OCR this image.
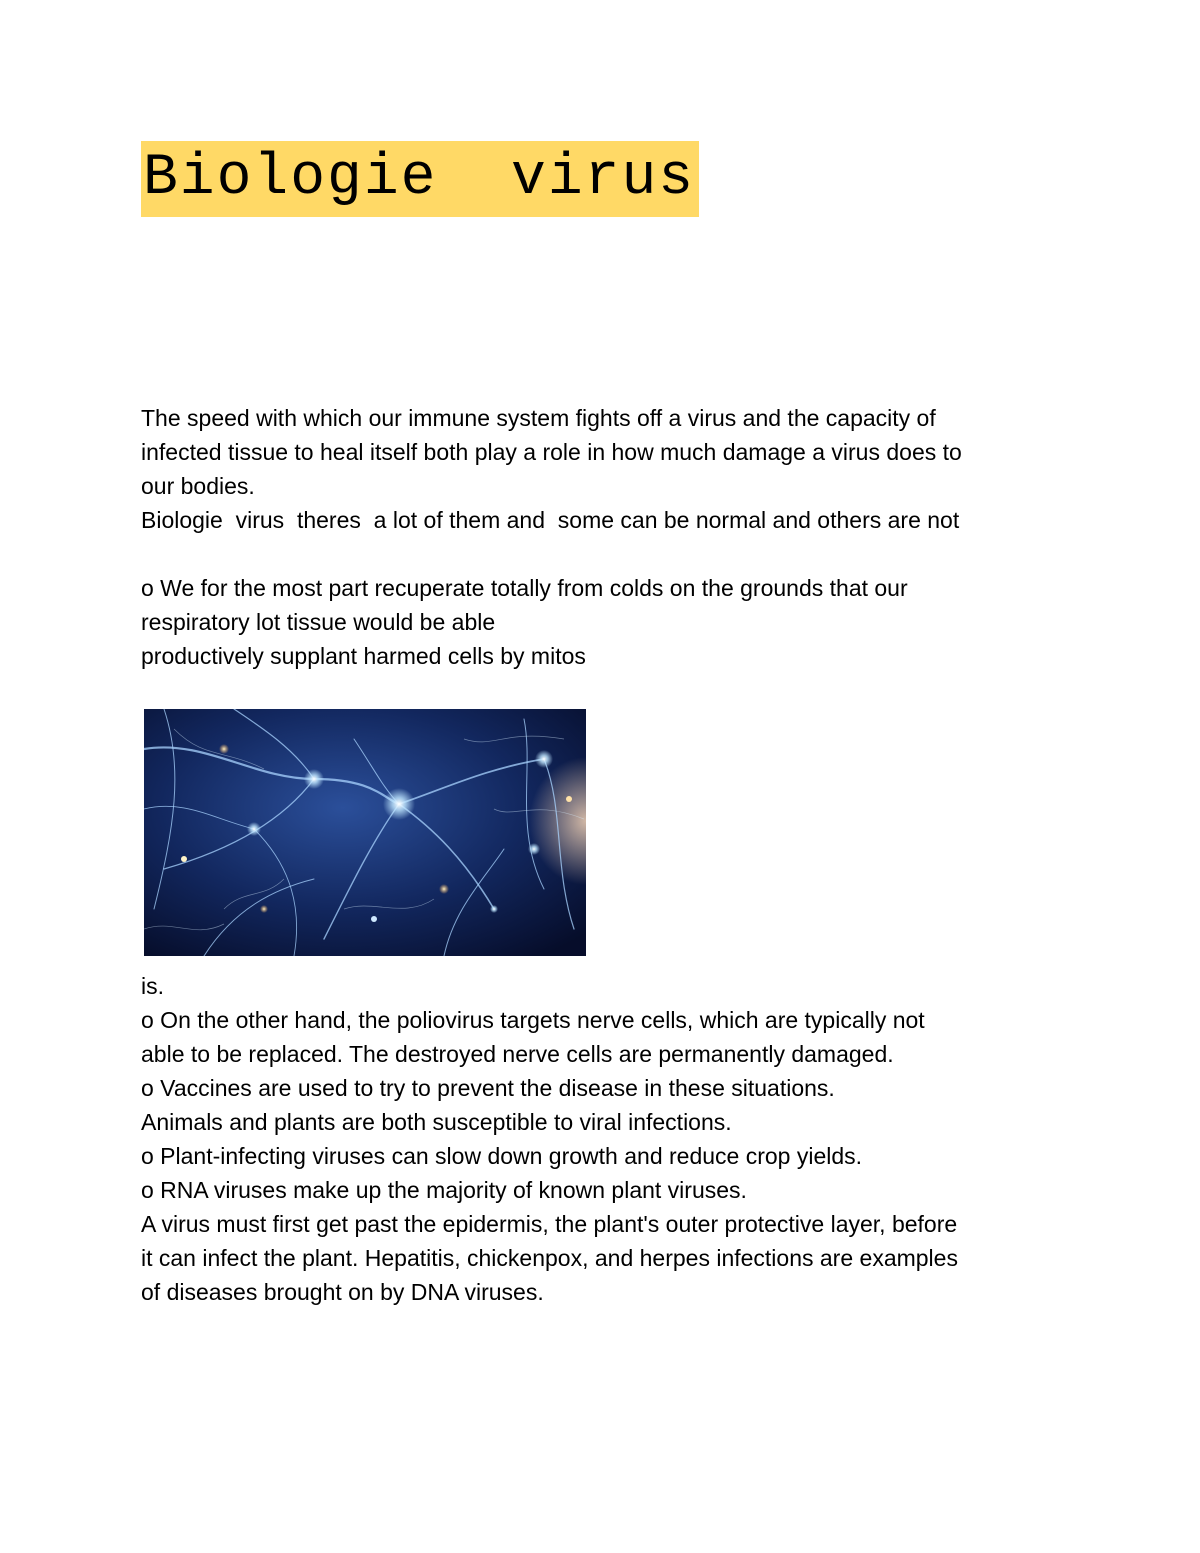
Biologie  virus
The speed with which our immune system fights off a virus and the capacity of
infected tissue to heal itself both play a role in how much damage a virus does to
our bodies.
Biologie  virus  theres  a lot of them and  some can be normal and others are not
o We for the most part recuperate totally from colds on the grounds that our
respiratory lot tissue would be able
productively supplant harmed cells by mitos
is.
o On the other hand, the poliovirus targets nerve cells, which are typically not
able to be replaced. The destroyed nerve cells are permanently damaged.
o Vaccines are used to try to prevent the disease in these situations.
Animals and plants are both susceptible to viral infections.
o Plant-infecting viruses can slow down growth and reduce crop yields.
o RNA viruses make up the majority of known plant viruses.
A virus must first get past the epidermis, the plant's outer protective layer, before
it can infect the plant. Hepatitis, chickenpox, and herpes infections are examples
of diseases brought on by DNA viruses.
